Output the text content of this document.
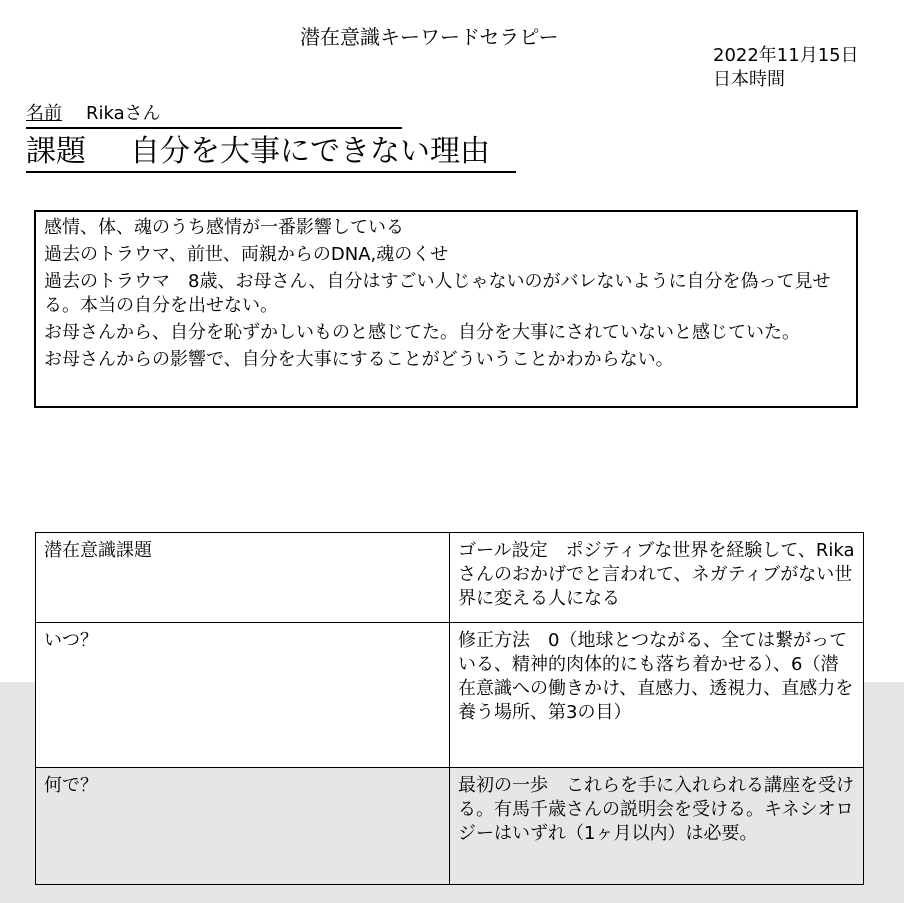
潜在意識キーワードセラピー
2022年11月15日
日本時間
名前 Rikaさん
課題 自分を大事にできない理由
感情、体、魂のうち感情が一番影響している
過去のトラウマ、前世、両親からのDNA,魂のくせ
過去のトラウマ　8歳、お母さん、自分はすごい人じゃないのがバレないように自分を偽って見せる。本当の自分を出せない。
お母さんから、自分を恥ずかしいものと感じてた。自分を大事にされていないと感じていた。
お母さんからの影響で、自分を大事にすることがどういうことかわからない。
潜在意識課題	ゴール設定　ポジティブな世界を経験して、Rikaさんのおかげでと言われて、ネガティブがない世界に変える人になる
いつ？	修正方法　0（地球とつながる、全ては繋がっている、精神的肉体的にも落ち着かせる）、6（潜在意識への働きかけ、直感力、透視力、直感力を養う場所、第3の目）
何で？	最初の一歩　これらを手に入れられる講座を受ける。有馬千歳さんの説明会を受ける。キネシオロジーはいずれ（1ヶ月以内）は必要。
